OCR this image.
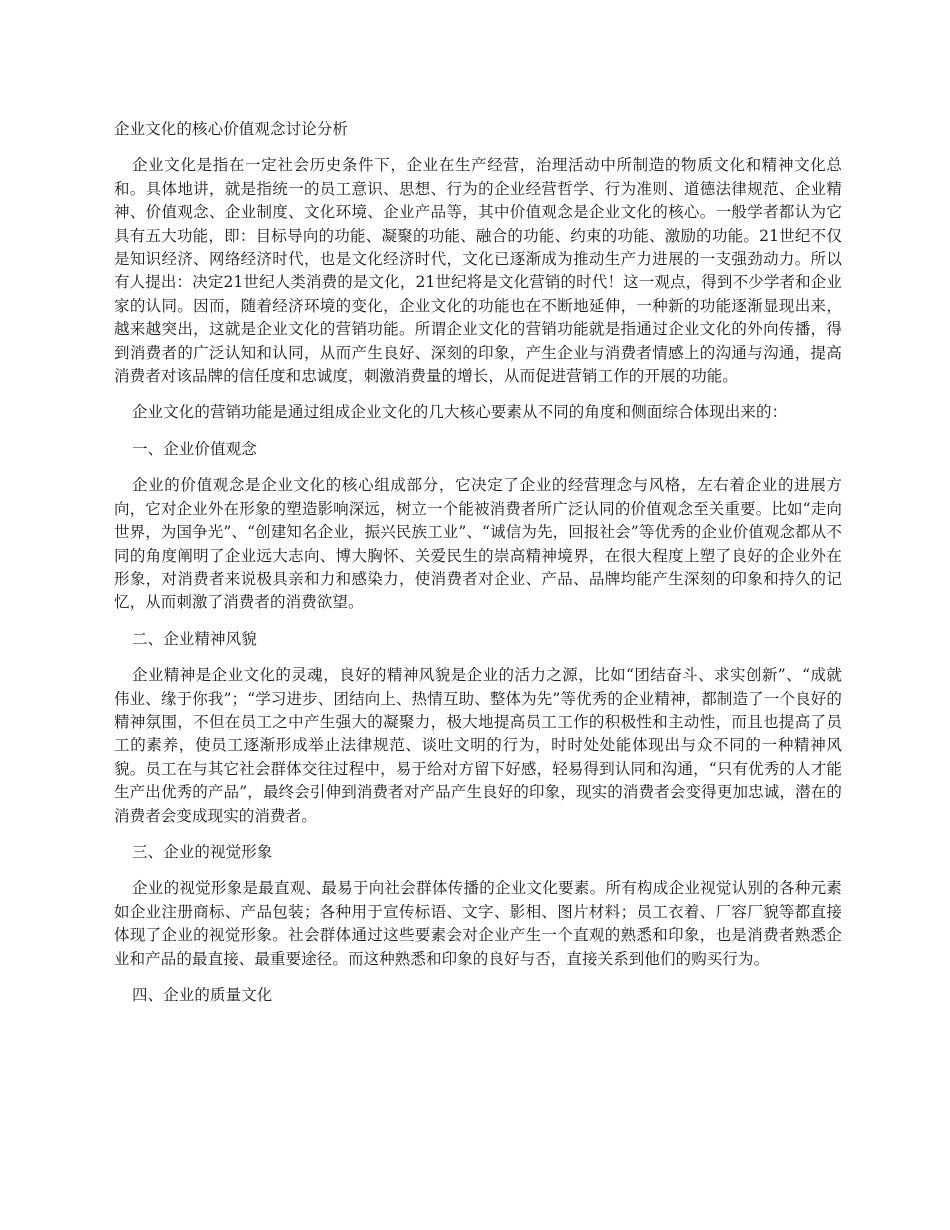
企业文化的核心价值观念讨论分析

企业文化是指在一定社会历史条件下，企业在生产经营，治理活动中所制造的物质文化和精神文化总和。具体地讲，就是指统一的员工意识、思想、行为的企业经营哲学、行为准则、道德法律规范、企业精神、价值观念、企业制度、文化环境、企业产品等，其中价值观念是企业文化的核心。一般学者都认为它具有五大功能，即：目标导向的功能、凝聚的功能、融合的功能、约束的功能、激励的功能。21世纪不仅是知识经济、网络经济时代，也是文化经济时代，文化已逐渐成为推动生产力进展的一支强劲动力。所以有人提出：决定21世纪人类消费的是文化，21世纪将是文化营销的时代！这一观点，得到不少学者和企业家的认同。因而，随着经济环境的变化，企业文化的功能也在不断地延伸，一种新的功能逐渐显现出来，越来越突出，这就是企业文化的营销功能。所谓企业文化的营销功能就是指通过企业文化的外向传播，得到消费者的广泛认知和认同，从而产生良好、深刻的印象，产生企业与消费者情感上的沟通与沟通，提高消费者对该品牌的信任度和忠诚度，刺激消费量的增长，从而促进营销工作的开展的功能。

企业文化的营销功能是通过组成企业文化的几大核心要素从不同的角度和侧面综合体现出来的：

一、企业价值观念

企业的价值观念是企业文化的核心组成部分，它决定了企业的经营理念与风格，左右着企业的进展方向，它对企业外在形象的塑造影响深远，树立一个能被消费者所广泛认同的价值观念至关重要。比如“走向世界，为国争光”、“创建知名企业，振兴民族工业”、“诚信为先，回报社会”等优秀的企业价值观念都从不同的角度阐明了企业远大志向、博大胸怀、关爱民生的崇高精神境界，在很大程度上塑了良好的企业外在形象，对消费者来说极具亲和力和感染力，使消费者对企业、产品、品牌均能产生深刻的印象和持久的记忆，从而刺激了消费者的消费欲望。

二、企业精神风貌

企业精神是企业文化的灵魂，良好的精神风貌是企业的活力之源，比如“团结奋斗、求实创新”、“成就伟业、缘于你我”；“学习进步、团结向上、热情互助、整体为先”等优秀的企业精神，都制造了一个良好的精神氛围，不但在员工之中产生强大的凝聚力，极大地提高员工工作的积极性和主动性，而且也提高了员工的素养，使员工逐渐形成举止法律规范、谈吐文明的行为，时时处处能体现出与众不同的一种精神风貌。员工在与其它社会群体交往过程中，易于给对方留下好感，轻易得到认同和沟通，“只有优秀的人才能生产出优秀的产品”，最终会引伸到消费者对产品产生良好的印象，现实的消费者会变得更加忠诚，潜在的消费者会变成现实的消费者。

三、企业的视觉形象

企业的视觉形象是最直观、最易于向社会群体传播的企业文化要素。所有构成企业视觉认别的各种元素如企业注册商标、产品包装；各种用于宣传标语、文字、影相、图片材料；员工衣着、厂容厂貌等都直接体现了企业的视觉形象。社会群体通过这些要素会对企业产生一个直观的熟悉和印象，也是消费者熟悉企业和产品的最直接、最重要途径。而这种熟悉和印象的良好与否，直接关系到他们的购买行为。

四、企业的质量文化
